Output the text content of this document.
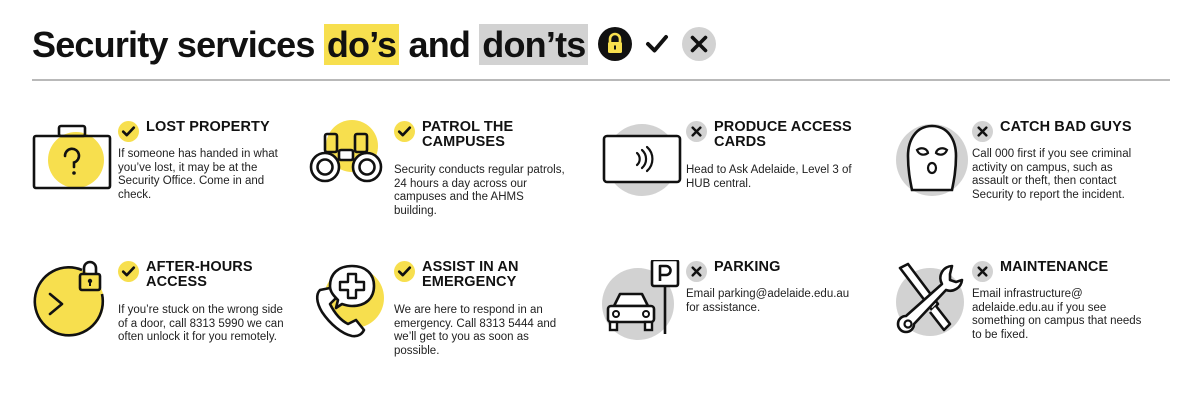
Security services do’s and don’ts
LOST PROPERTY
If someone has handed in what you’ve lost, it may be at the Security Office. Come in and check.
PATROL THE CAMPUSES
Security conducts regular patrols, 24 hours a day across our campuses and the AHMS building.
PRODUCE ACCESS CARDS
Head to Ask Adelaide, Level 3 of HUB central.
CATCH BAD GUYS
Call 000 first if you see criminal activity on campus, such as assault or theft, then contact Security to report the incident.
AFTER-HOURS ACCESS
If you’re stuck on the wrong side of a door, call 8313 5990 we can often unlock it for you remotely.
ASSIST IN AN EMERGENCY
We are here to respond in an emergency. Call 8313 5444 and we’ll get to you as soon as possible.
PARKING
Email parking@adelaide.edu.au for assistance.
MAINTENANCE
Email infrastructure@ adelaide.edu.au if you see something on campus that needs to be fixed.
